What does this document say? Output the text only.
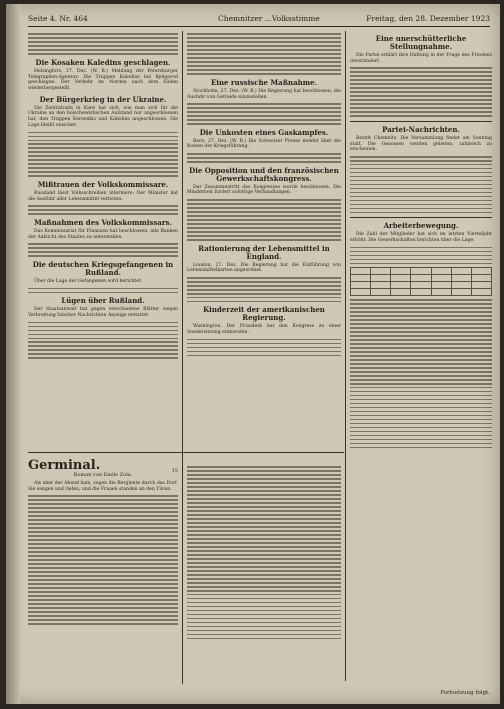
Seite 4. Nr. 464	Chemnitzer ...Volksstimme	Freitag, den 28. Dezember 1923
Die Kosaken Kaledins geschlagen.
Helsingfors, 27. Dez. (W. B.) Meldung der Petersburger Telegraphen-Agentur: Die Truppen Kaledins bei Bjelgorod geschlagen. Der Verkehr im Norden nach dem Süden wiederhergestellt.
Der Bürgerkrieg in der Ukraine.
Die Zentralrada in Kiew hat sich, wie man sich für die Ukraine an den bolschewistischen Aufstand nur angeschlossen hat, den Truppen Kerenskis und Kaledins angeschlossen. Die Lage bleibt unsicher.
Mißtrauen der Volkskommissare.
Russland lässt Volksschreiben interniere: Der Minister hat die Ausfuhr aller Lebensmittel verboten.
Maßnahmen des Volkskommissars.
Das Kommissariat für Finanzen hat beschlossen, alle Banken der Aufsicht des Staates zu unterstellen.
Die deutschen Kriegsgefangenen in Rußland.
Über die Lage der Gefangenen wird berichtet.
Lügen über Rußland.
Der Staatsanwalt hat gegen verschiedene Blätter wegen Verbreitung falscher Nachrichten Anzeige erstattet.
Eine russische Maßnahme.
Stockholm, 27. Dez. (W. B.) Die Regierung hat beschlossen, die Ausfuhr von Getreide einzustellen.
Die Unkosten eines Gaskampfes.
Bern, 27. Dez. (W. B.) Die Schweizer Presse meldet über die Kosten der Kriegsführung.
Die Opposition und den französischen Gewerkschaftskongress.
Der Zusammentritt des Kongresses wurde beschlossen. Die Minderheit fordert sofortige Verhandlungen.
Rationierung der Lebensmittel in England.
London, 27. Dez. Die Regierung hat die Einführung von Lebensmittelkarten angeordnet.
Kinderzeit der amerikanischen Regierung.
Washington. Der Präsident hat den Kongress zu einer Sondersitzung einberufen.
Eine unerschütterliche Stellungnahme.
Die Partei erklärt ihre Haltung in der Frage des Friedens unverändert.
Partei-Nachrichten.
Bezirk Chemnitz. Die Versammlung findet am Sonntag statt. Die Genossen werden gebeten, zahlreich zu erscheinen.
Arbeiterbewegung.
Die Zahl der Mitglieder hat sich im letzten Vierteljahr erhöht. Die Gewerkschaften berichten über die Lage.

Germinal.	15
Roman von Emile Zola.
Als aber der Abend kam, zogen die Bergleute durch das Dorf. Sie sangen und riefen, und die Frauen standen an den Türen.
Fortsetzung folgt.
